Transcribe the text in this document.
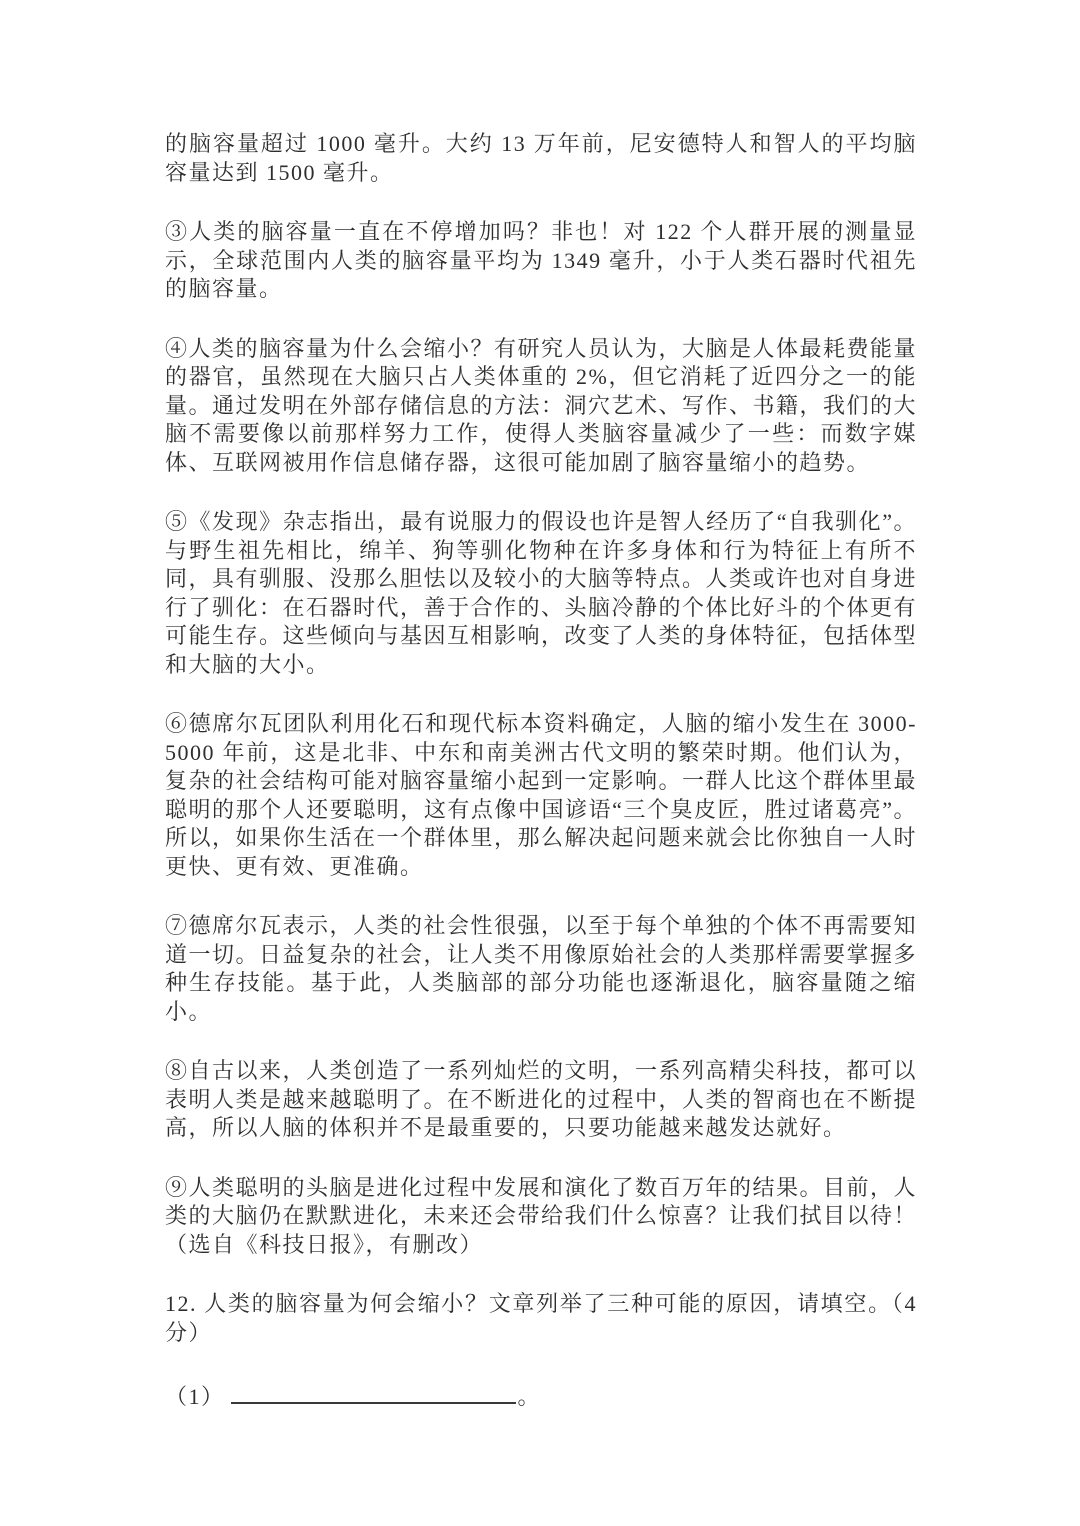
的脑容量超过 1000 毫升。大约 13 万年前，尼安德特人和智人的平均脑容量达到 1500 毫升。

③人类的脑容量一直在不停增加吗？非也！对 122 个人群开展的测量显示，全球范围内人类的脑容量平均为 1349 毫升，小于人类石器时代祖先的脑容量。

④人类的脑容量为什么会缩小？有研究人员认为，大脑是人体最耗费能量的器官，虽然现在大脑只占人类体重的 2%，但它消耗了近四分之一的能量。通过发明在外部存储信息的方法：洞穴艺术、写作、书籍，我们的大脑不需要像以前那样努力工作，使得人类脑容量减少了一些：而数字媒体、互联网被用作信息储存器，这很可能加剧了脑容量缩小的趋势。

⑤《发现》杂志指出，最有说服力的假设也许是智人经历了“自我驯化”。与野生祖先相比，绵羊、狗等驯化物种在许多身体和行为特征上有所不同，具有驯服、没那么胆怯以及较小的大脑等特点。人类或许也对自身进行了驯化：在石器时代，善于合作的、头脑冷静的个体比好斗的个体更有可能生存。这些倾向与基因互相影响，改变了人类的身体特征，包括体型和大脑的大小。

⑥德席尔瓦团队利用化石和现代标本资料确定，人脑的缩小发生在 3000-5000 年前，这是北非、中东和南美洲古代文明的繁荣时期。他们认为，复杂的社会结构可能对脑容量缩小起到一定影响。一群人比这个群体里最聪明的那个人还要聪明，这有点像中国谚语“三个臭皮匠，胜过诸葛亮”。所以，如果你生活在一个群体里，那么解决起问题来就会比你独自一人时更快、更有效、更准确。

⑦德席尔瓦表示，人类的社会性很强，以至于每个单独的个体不再需要知道一切。日益复杂的社会，让人类不用像原始社会的人类那样需要掌握多种生存技能。基于此，人类脑部的部分功能也逐渐退化，脑容量随之缩小。

⑧自古以来，人类创造了一系列灿烂的文明，一系列高精尖科技，都可以表明人类是越来越聪明了。在不断进化的过程中，人类的智商也在不断提高，所以人脑的体积并不是最重要的，只要功能越来越发达就好。

⑨人类聪明的头脑是进化过程中发展和演化了数百万年的结果。目前，人类的大脑仍在默默进化，未来还会带给我们什么惊喜？让我们拭目以待！
（选自《科技日报》，有删改）

12. 人类的脑容量为何会缩小？文章列举了三种可能的原因，请填空。（4分）

（1）	。
